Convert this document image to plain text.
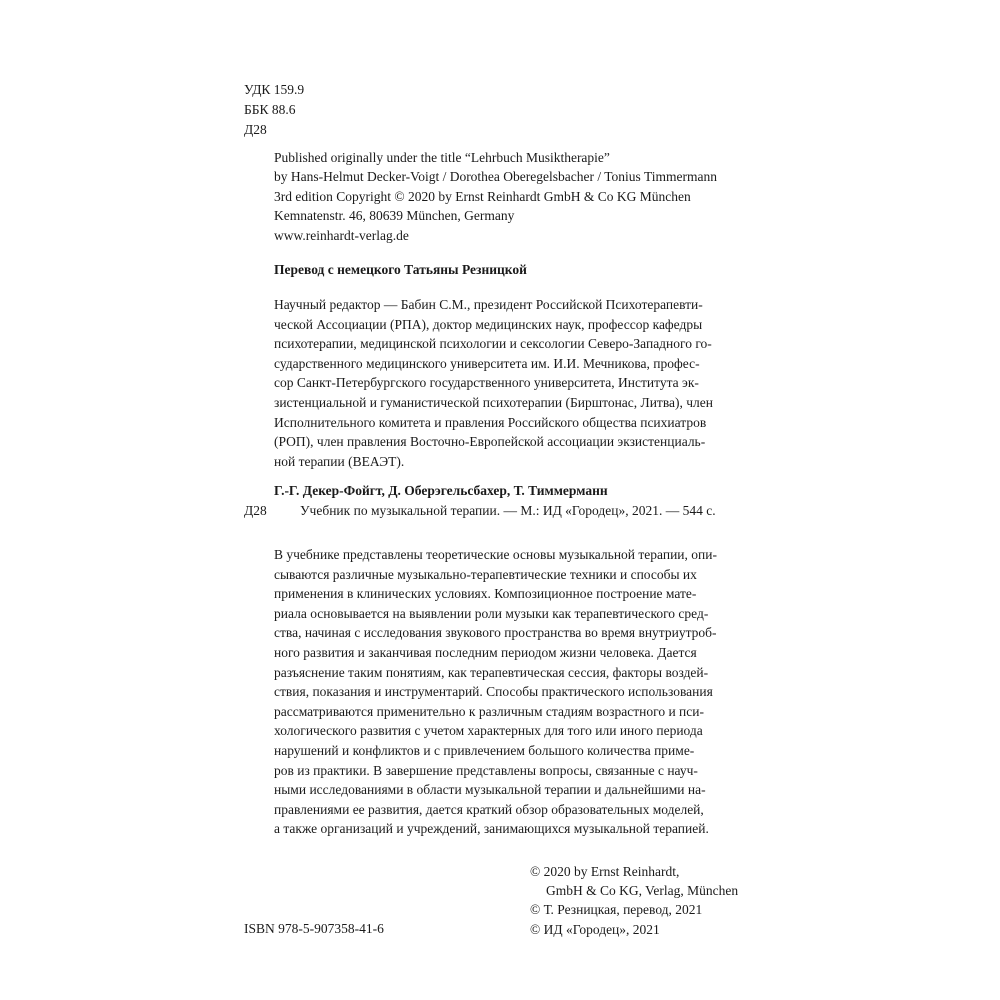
УДК 159.9
ББК 88.6
Д28
Published originally under the title “Lehrbuch Musiktherapie”
by Hans-Helmut Decker-Voigt / Dorothea Oberegelsbacher / Tonius Timmermann
3rd edition Copyright © 2020 by Ernst Reinhardt GmbH & Co KG München
Kemnatenstr. 46, 80639 München, Germany
www.reinhardt-verlag.de
Перевод с немецкого Татьяны Резницкой
Научный редактор — Бабин С.М., президент Российской Психотерапевти-
ческой Ассоциации (РПА), доктор медицинских наук, профессор кафедры
психотерапии, медицинской психологии и сексологии Северо-Западного го-
сударственного медицинского университета им. И.И. Мечникова, профес-
сор Санкт-Петербургского государственного университета, Института эк-
зистенциальной и гуманистической психотерапии (Бирштонас, Литва), член
Исполнительного комитета и правления Российского общества психиатров
(РОП), член правления Восточно-Европейской ассоциации экзистенциаль-
ной терапии (ВЕАЭТ).
Г.-Г. Декер-Фойгт, Д. Оберэгельсбахер, Т. Тиммерманн
Д28 Учебник по музыкальной терапии. — М.: ИД «Городец», 2021. — 544 с.
В учебнике представлены теоретические основы музыкальной терапии, опи-
сываются различные музыкально-терапевтические техники и способы их
применения в клинических условиях. Композиционное построение мате-
риала основывается на выявлении роли музыки как терапевтического сред-
ства, начиная с исследования звукового пространства во время внутриутроб-
ного развития и заканчивая последним периодом жизни человека. Дается
разъяснение таким понятиям, как терапевтическая сессия, факторы воздей-
ствия, показания и инструментарий. Способы практического использования
рассматриваются применительно к различным стадиям возрастного и пси-
хологического развития с учетом характерных для того или иного периода
нарушений и конфликтов и с привлечением большого количества приме-
ров из практики. В завершение представлены вопросы, связанные с науч-
ными исследованиями в области музыкальной терапии и дальнейшими на-
правлениями ее развития, дается краткий обзор образовательных моделей,
а также организаций и учреждений, занимающихся музыкальной терапией.
© 2020 by Ernst Reinhardt,
GmbH & Co KG, Verlag, München
© Т. Резницкая, перевод, 2021
© ИД «Городец», 2021
ISBN 978-5-907358-41-6
